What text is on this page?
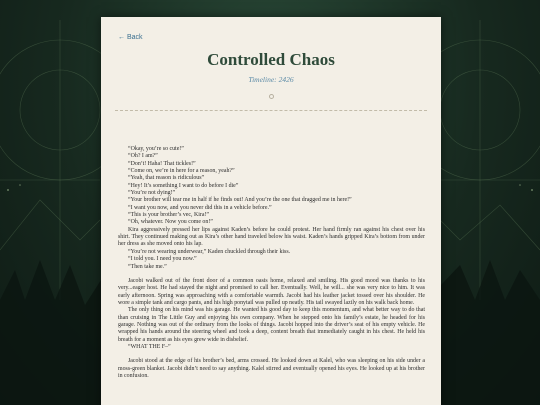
← Back
Controlled Chaos
Timeline: 2426

“Okay, you’re so cute!”

“Oh? I am?”

“Don’t! Haha! That tickles!”

“Come on, we’re in here for a reason, yeah?”

“Yeah, that reason is ridiculous”

“Hey! It’s something I want to do before I die”

“You’re not dying!”

“Your brother will tear me in half if he finds out! And you’re the one that dragged me in here!”

“I want you now, and you never did this in a vehicle before.”

“This is your brother’s vec, Kira!”

“Oh, whatever. Now you come on!”

Kira aggressively pressed her lips against Kaden’s before he could protest. Her hand firmly ran against his chest over his shirt. They continued making out as Kira’s other hand traveled below his waist. Kaden’s hands gripped Kira’s bottom from under her dress as she moved onto his lap.

“You’re not wearing underwear,” Kaden chuckled through their kiss.

“I told you. I need you now.”

“Then take me.”

Jacobi walked out of the front door of a common oasis home, relaxed and smiling. His good mood was thanks to his very...eager host. He had stayed the night and promised to call her. Eventually. Well, he will... she was very nice to him. It was early afternoon. Spring was approaching with a comfortable warmth. Jacobi had his leather jacket tossed over his shoulder. He wore a simple tank and cargo pants, and his high ponytail was pulled up neatly. His tail swayed lazily on his walk back home.

The only thing on his mind was his garage. He wanted his good day to keep this momentum, and what better way to do that than cruising in The Little Guy and enjoying his own company. When he stepped onto his family’s estate, he headed for his garage. Nothing was out of the ordinary from the looks of things. Jacobi hopped into the driver’s seat of his empty vehicle. He wrapped his hands around the steering wheel and took a deep, content breath that immediately caught in his chest. He held his breath for a moment as his eyes grew wide in disbelief.

“WHAT THE F–”

Jacobi stood at the edge of his brother’s bed, arms crossed. He looked down at Kalel, who was sleeping on his side under a moss-green blanket. Jacobi didn’t need to say anything. Kalel stirred and eventually opened his eyes. He looked up at his brother in confusion.
